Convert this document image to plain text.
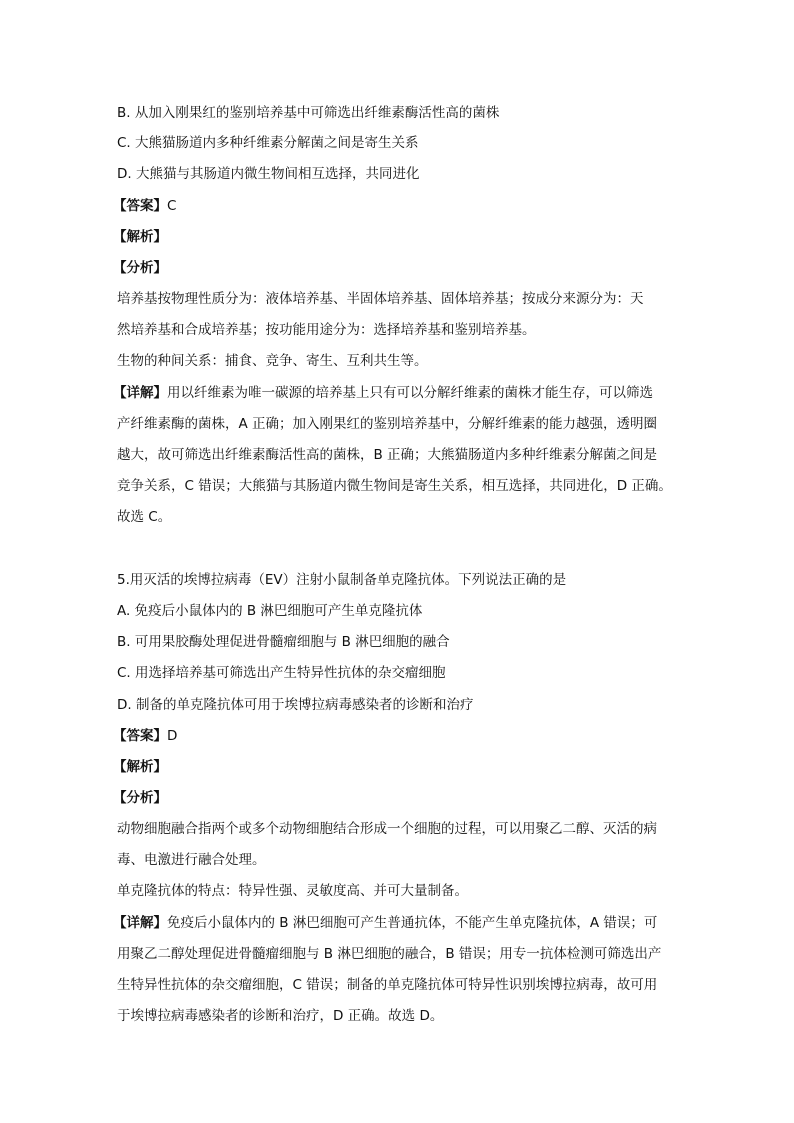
B. 从加入刚果红的鉴别培养基中可筛选出纤维素酶活性高的菌株
C. 大熊猫肠道内多种纤维素分解菌之间是寄生关系
D. 大熊猫与其肠道内微生物间相互选择，共同进化
【答案】C
【解析】
【分析】
培养基按物理性质分为：液体培养基、半固体培养基、固体培养基；按成分来源分为：天
然培养基和合成培养基；按功能用途分为：选择培养基和鉴别培养基。
生物的种间关系：捕食、竞争、寄生、互利共生等。
【详解】用以纤维素为唯一碳源的培养基上只有可以分解纤维素的菌株才能生存，可以筛选
产纤维素酶的菌株，A 正确；加入刚果红的鉴别培养基中，分解纤维素的能力越强，透明圈
越大，故可筛选出纤维素酶活性高的菌株，B 正确；大熊猫肠道内多种纤维素分解菌之间是
竞争关系，C 错误；大熊猫与其肠道内微生物间是寄生关系，相互选择，共同进化，D 正确。
故选 C。
5.用灭活的埃博拉病毒（EV）注射小鼠制备单克隆抗体。下列说法正确的是
A. 免疫后小鼠体内的 B 淋巴细胞可产生单克隆抗体
B. 可用果胶酶处理促进骨髓瘤细胞与 B 淋巴细胞的融合
C. 用选择培养基可筛选出产生特异性抗体的杂交瘤细胞
D. 制备的单克隆抗体可用于埃博拉病毒感染者的诊断和治疗
【答案】D
【解析】
【分析】
动物细胞融合指两个或多个动物细胞结合形成一个细胞的过程，可以用聚乙二醇、灭活的病
毒、电激进行融合处理。
单克隆抗体的特点：特异性强、灵敏度高、并可大量制备。
【详解】免疫后小鼠体内的 B 淋巴细胞可产生普通抗体，不能产生单克隆抗体，A 错误；可
用聚乙二醇处理促进骨髓瘤细胞与 B 淋巴细胞的融合，B 错误；用专一抗体检测可筛选出产
生特异性抗体的杂交瘤细胞，C 错误；制备的单克隆抗体可特异性识别埃博拉病毒，故可用
于埃博拉病毒感染者的诊断和治疗，D 正确。故选 D。
